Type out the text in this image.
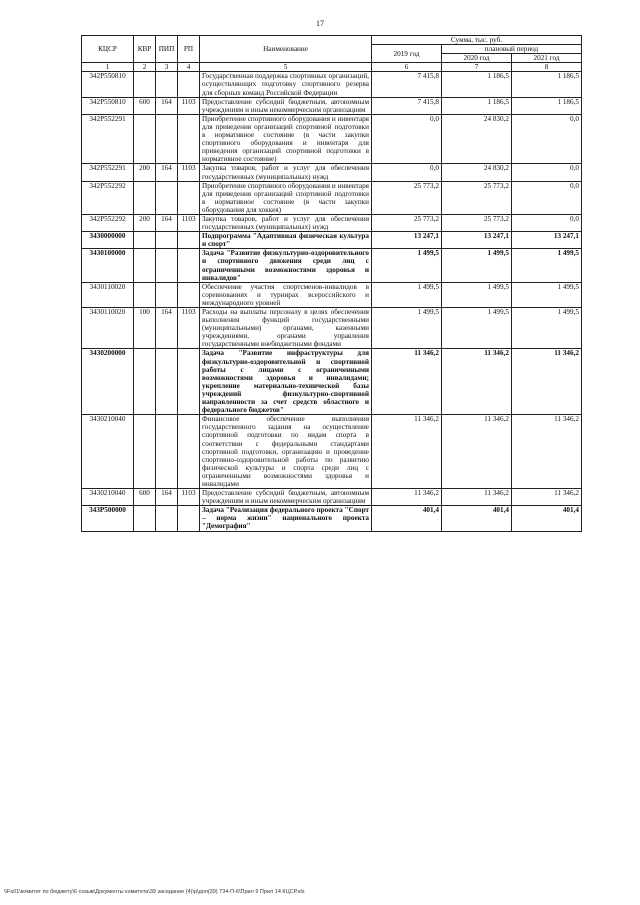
17
КЦСР	КВР	ПИП	РП	Наименование	Сумма, тыс. руб.		
					2019 год	плановый период	
						2020 год	2021 год
1	2	3	4	5	6	7	8
342P550810				Государственная поддержка спортивных организаций, осуществляющих подготовку спортивного резерва для сборных команд Российской Федерации	7 415,8	1 186,5	1 186,5
342P550810	600	164	1103	Предоставление субсидий бюджетным, автономным учреждениям и иным некоммерческим организациям	7 415,8	1 186,5	1 186,5
342P552291				Приобретение спортивного оборудования и инвентаря для приведения организаций спортивной подготовки в нормативное состояние (в части закупки спортивного оборудования и инвентаря для приведения организаций спортивной подготовки в нормативное состояние)	0,0	24 830,2	0,0
342P552291	200	164	1103	Закупка товаров, работ и услуг для обеспечения государственных (муниципальных) нужд	0,0	24 830,2	0,0
342P552292				Приобретение спортивного оборудования и инвентаря для приведения организаций спортивной подготовки в нормативное состояние (в части закупки оборудования для хоккея)	25 773,2	25 773,2	0,0
342P552292	200	164	1103	Закупка товаров, работ и услуг для обеспечения государственных (муниципальных) нужд	25 773,2	25 773,2	0,0
3430000000				Подпрограмма "Адаптивная физическая культура и спорт"	13 247,1	13 247,1	13 247,1
3430100000				Задача "Развитие физкультурно-оздоровительного и спортивного движения среди лиц с ограниченными возможностями здоровья и инвалидов"	1 499,5	1 499,5	1 499,5
3430110020				Обеспечение участия спортсменов-инвалидов в соревнованиях и турнирах всероссийского и международного уровней	1 499,5	1 499,5	1 499,5
3430110020	100	164	1103	Расходы на выплаты персоналу в целях обеспечения выполнения функций государственными (муниципальными) органами, казенными учреждениями, органами управления государственными внебюджетными фондами	1 499,5	1 499,5	1 499,5
3430200000				Задача "Развитие инфраструктуры для физкультурно-оздоровительной и спортивной работы с лицами с ограниченными возможностями здоровья и инвалидами; укрепление материально-технической базы учреждений физкультурно-спортивной направленности за счет средств областного и федерального бюджетов"	11 346,2	11 346,2	11 346,2
3430210040				Финансовое обеспечение выполнения государственного задания на осуществление спортивной подготовки по видам спорта в соответствии с федеральными стандартами спортивной подготовки, организацию и проведение спортивно-оздоровительной работы по развитию физической культуры и спорта среди лиц с ограниченными возможностями здоровья и инвалидами	11 346,2	11 346,2	11 346,2
3430210040	600	164	1103	Предоставление субсидий бюджетным, автономным учреждениям и иным некоммерческим организациям	11 346,2	11 346,2	11 346,2
343P500000				Задача "Реализация федерального проекта "Спорт – норма жизни" национального проекта "Демография"	401,4	401,4	401,4
\\Fs01\комитет по бюджету\6 созыв\Документы комитета\39 заседание (4)\p\доп(39) 734-П-6\Прил 9 Прил 14 КЦСР.xls
